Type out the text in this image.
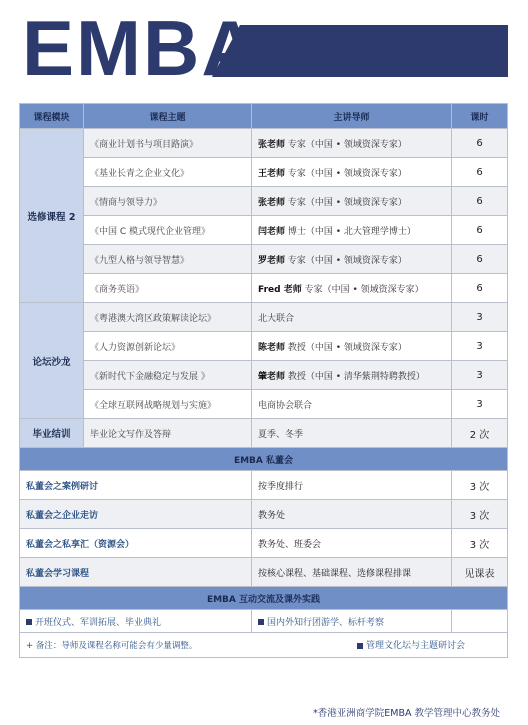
EMBA
课程模块	课程主题	主讲导师	课时
选修课程 2	《商业计划书与项目路演》	张老师 专家（中国 • 领域资深专家）	6
	《基业长青之企业文化》	王老师 专家（中国 • 领域资深专家）	6
	《情商与领导力》	张老师 专家（中国 • 领域资深专家）	6
	《中国 C 模式现代企业管理》	闫老师 博士（中国 • 北大管理学博士）	6
	《九型人格与领导智慧》	罗老师 专家（中国 • 领域资深专家）	6
	《商务英语》	Fred 老师 专家（中国 • 领域资深专家）	6
论坛沙龙	《粤港澳大湾区政策解读论坛》	北大联合	3
	《人力资源创新论坛》	陈老师 教授（中国 • 领域资深专家）	3
	《新时代下金融稳定与发展 》	肇老师 教授（中国 • 清华紫荆特聘教授）	3
	《全球互联网战略规划与实施》	电商协会联合	3
毕业结训	毕业论文写作及答辩	夏季、冬季	2 次
EMBA 私董会			
私董会之案例研讨		按季度排行	3 次
私董会之企业走访		教务处	3 次
私董会之私享汇（资源会）		教务处、班委会	3 次
私董会学习课程		按核心课程、基础课程、选修课程排课	见课表
EMBA 互动交流及课外实践			
开班仪式、军训拓展、毕业典礼		国内外知行团游学、标杆考察	
+ 备注：导师及课程名称可能会有少量调整。				管理文化坛与主题研讨会
*香港亚洲商学院EMBA 教学管理中心教务处
